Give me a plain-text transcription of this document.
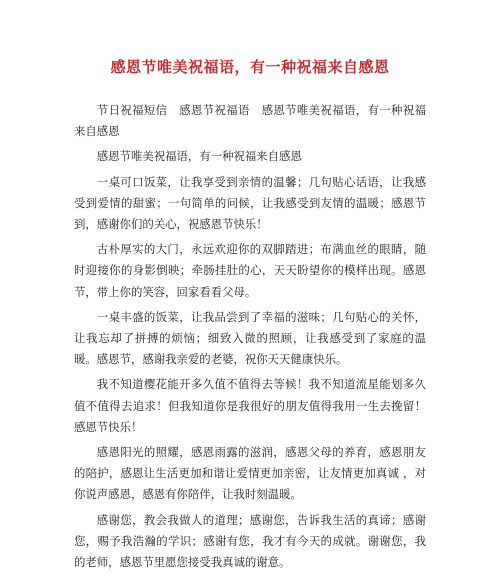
感恩节唯美祝福语，有一种祝福来自感恩

节日祝福短信　感恩节祝福语　感恩节唯美祝福语，有一种祝福来自感恩

感恩节唯美祝福语，有一种祝福来自感恩

一桌可口饭菜，让我享受到亲情的温馨；几句贴心话语，让我感受到爱情的甜蜜；一句简单的问候，让我感受到友情的温暖；感恩节到，感谢你们的关心，祝感恩节快乐！

古朴厚实的大门，永远欢迎你的双脚踏进；布满血丝的眼睛，随时迎接你的身影倒映；牵肠挂肚的心，天天盼望你的模样出现。感恩节，带上你的笑容，回家看看父母。

一桌丰盛的饭菜，让我品尝到了幸福的滋味；几句贴心的关怀，让我忘却了拼搏的烦恼；细致入微的照顾，让我感受到了家庭的温暖。感恩节，感谢我亲爱的老婆，祝你天天健康快乐。

我不知道樱花能开多久值不值得去等候！我不知道流星能划多久值不值得去追求！但我知道你是我很好的朋友值得我用一生去挽留！感恩节快乐！

感恩阳光的照耀，感恩雨露的滋润，感恩父母的养育，感恩朋友的陪护，感恩让生活更加和谐让爱情更加亲密，让友情更加真诚 ，对你说声感恩，感恩有你陪伴，让我时刻温暖。

感谢您，教会我做人的道理；感谢您，告诉我生活的真谛；感谢您，赐予我浩瀚的学识；感谢有您，我才有今天的成就。谢谢您，我的老师，感恩节里愿您接受我真诚的谢意。
